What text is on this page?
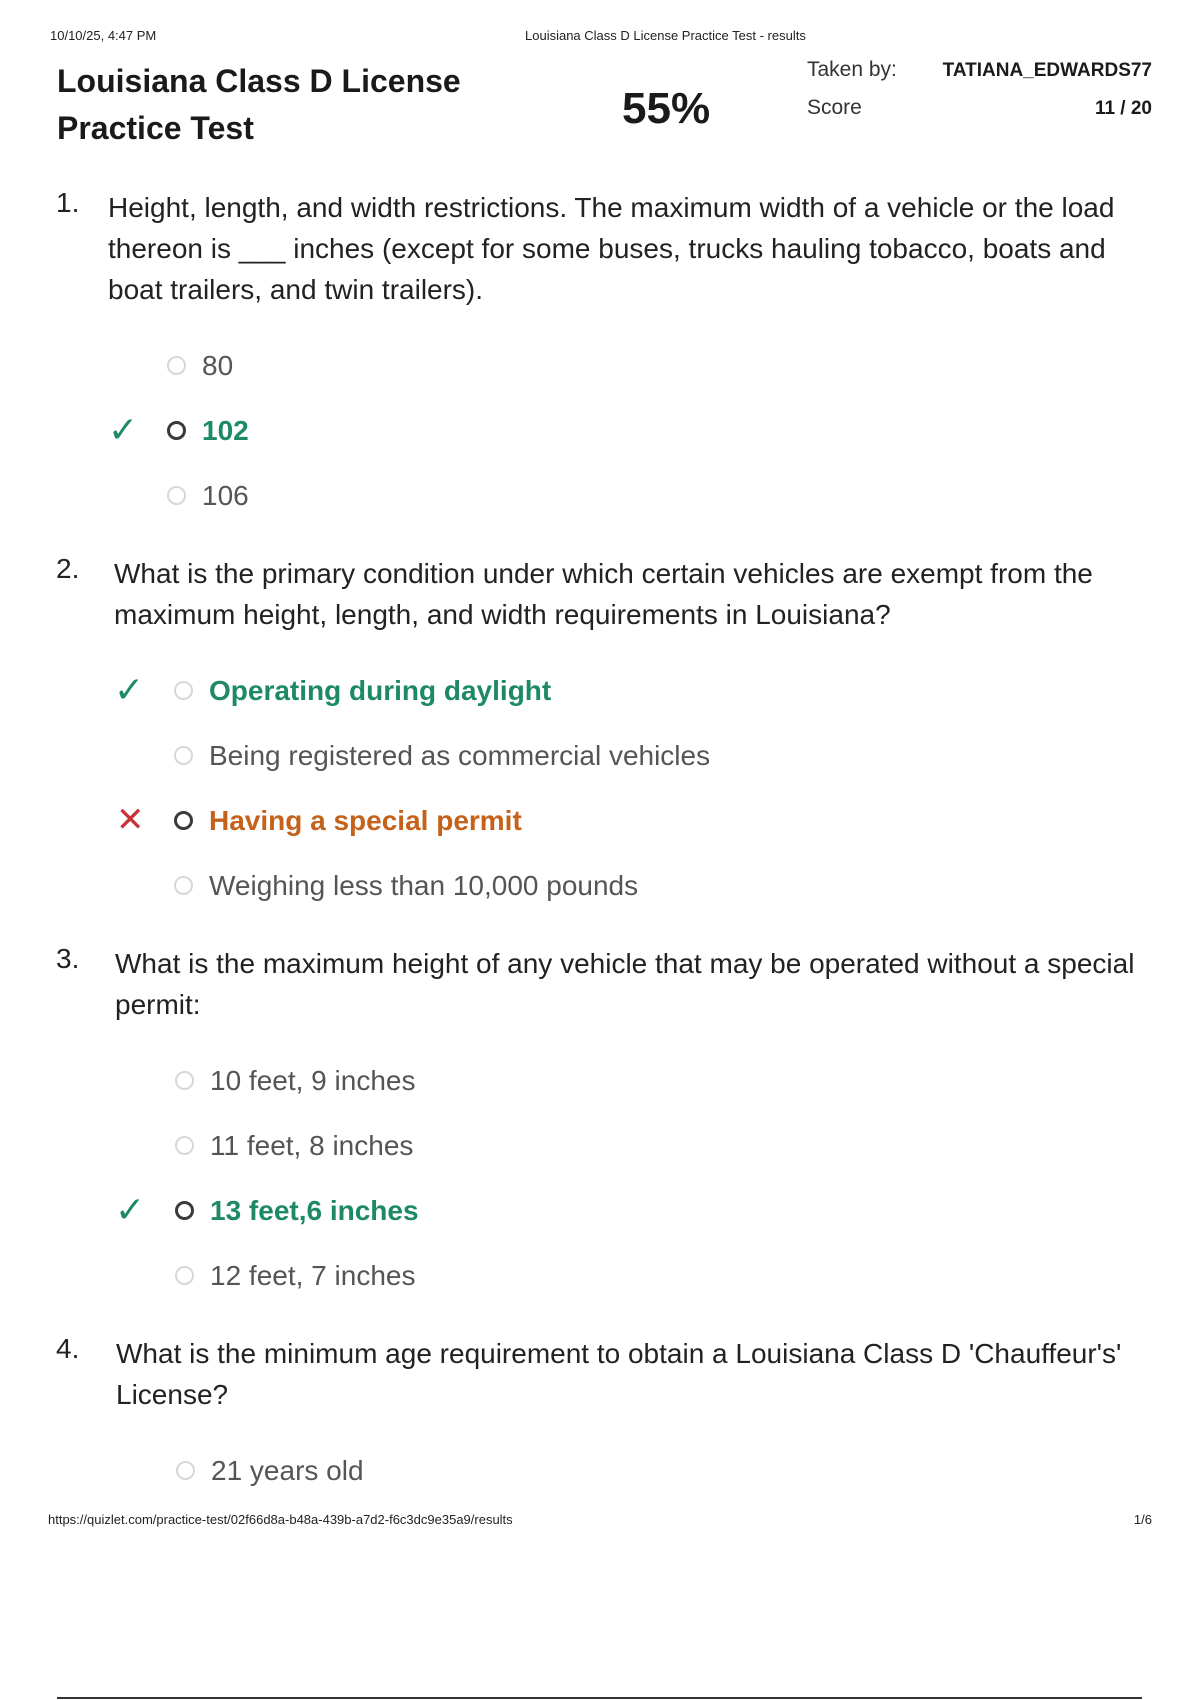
10/10/25, 4:47 PM	Louisiana Class D License Practice Test - results
Louisiana Class D License
Practice Test	55%
Taken by: TATIANA_EDWARDS77
Score	11 / 20
1. Height, length, and width restrictions. The maximum width of a vehicle or the load thereon is ___ inches (except for some buses, trucks hauling tobacco, boats and boat trailers, and twin trailers).
80
✓ 102
106
2. What is the primary condition under which certain vehicles are exempt from the maximum height, length, and width requirements in Louisiana?
✓ Operating during daylight
Being registered as commercial vehicles
✕ Having a special permit
Weighing less than 10,000 pounds
3. What is the maximum height of any vehicle that may be operated without a special permit:
10 feet, 9 inches
11 feet, 8 inches
✓ 13 feet,6 inches
12 feet, 7 inches
4. What is the minimum age requirement to obtain a Louisiana Class D 'Chauffeur's' License?
21 years old
https://quizlet.com/practice-test/02f66d8a-b48a-439b-a7d2-f6c3dc9e35a9/results	1/6
